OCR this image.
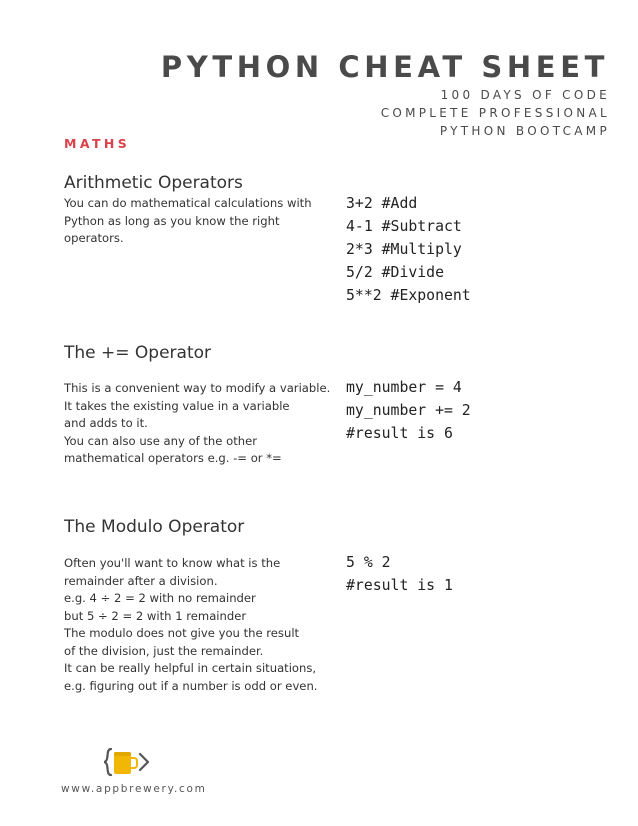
PYTHON CHEAT SHEET
100 DAYS OF CODE
COMPLETE PROFESSIONAL
PYTHON BOOTCAMP
MATHS
Arithmetic Operators
You can do mathematical calculations with
Python as long as you know the right
operators.
3+2 #Add
4-1 #Subtract
2*3 #Multiply
5/2 #Divide
5**2 #Exponent
The += Operator
This is a convenient way to modify a variable.
It takes the existing value in a variable
and adds to it.
You can also use any of the other
mathematical operators e.g. -= or *=
my_number = 4
my_number += 2
#result is 6
The Modulo Operator
Often you'll want to know what is the
remainder after a division.
e.g. 4 ÷ 2 = 2 with no remainder
but 5 ÷ 2 = 2 with 1 remainder
The modulo does not give you the result
of the division, just the remainder.
It can be really helpful in certain situations,
e.g. figuring out if a number is odd or even.
5 % 2
#result is 1
www.appbrewery.com
